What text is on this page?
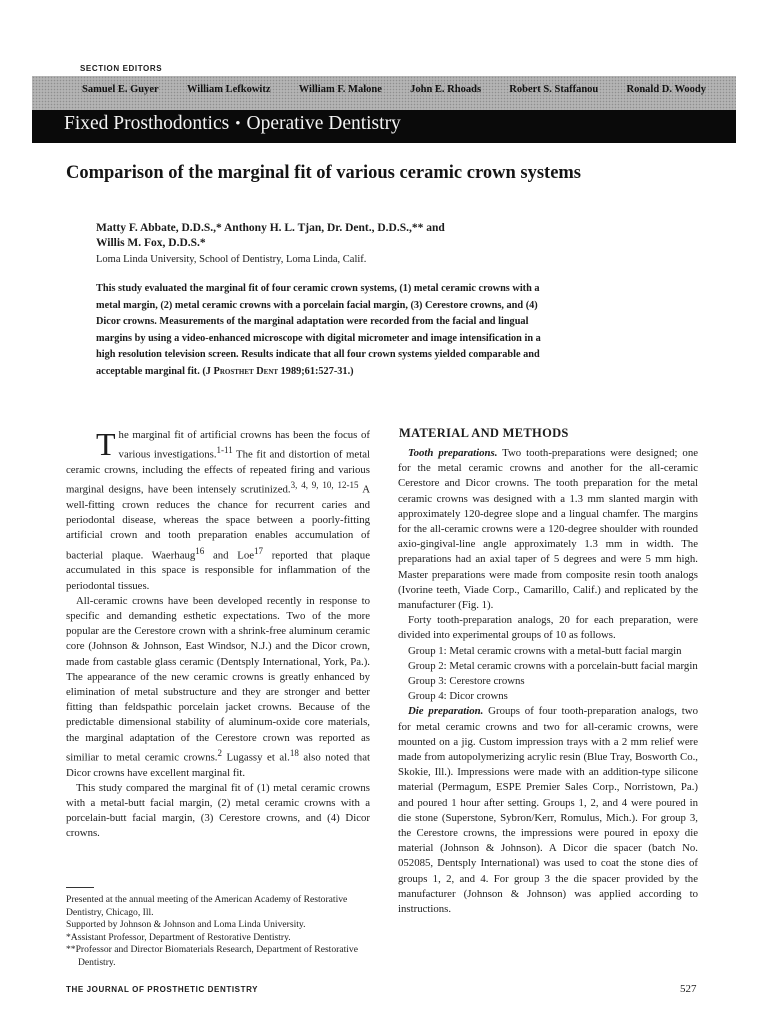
SECTION EDITORS
Samuel E. Guyer	William Lefkowitz	William F. Malone	John E. Rhoads	Robert S. Staffanou	Ronald D. Woody
Fixed Prosthodontics • Operative Dentistry
Comparison of the marginal fit of various ceramic crown systems
Matty F. Abbate, D.D.S.,* Anthony H. L. Tjan, Dr. Dent., D.D.S.,** and
Willis M. Fox, D.D.S.*
Loma Linda University, School of Dentistry, Loma Linda, Calif.
This study evaluated the marginal fit of four ceramic crown systems, (1) metal ceramic crowns with a metal margin, (2) metal ceramic crowns with a porcelain facial margin, (3) Cerestore crowns, and (4) Dicor crowns. Measurements of the marginal adaptation were recorded from the facial and lingual margins by using a video-enhanced microscope with digital micrometer and image intensification in a high resolution television screen. Results indicate that all four crown systems yielded comparable and acceptable marginal fit. (J Prosthet Dent 1989;61:527-31.)

The marginal fit of artificial crowns has been the focus of various investigations.$^{1-11}$ The fit and distortion of metal ceramic crowns, including the effects of repeated firing and various marginal designs, have been intensely scrutinized.$^{3, 4, 9, 10, 12-15}$ A well-fitting crown reduces the chance for recurrent caries and periodontal disease, whereas the space between a poorly-fitting artificial crown and tooth preparation enables accumulation of bacterial plaque. Waerhaug$^{16}$ and Loe$^{17}$ reported that plaque accumulated in this space is responsible for inflammation of the periodontal tissues.

All-ceramic crowns have been developed recently in response to specific and demanding esthetic expectations. Two of the more popular are the Cerestore crown with a shrink-free aluminum ceramic core (Johnson & Johnson, East Windsor, N.J.) and the Dicor crown, made from castable glass ceramic (Dentsply International, York, Pa.). The appearance of the new ceramic crowns is greatly enhanced by elimination of metal substructure and they are stronger and better fitting than feldspathic porcelain jacket crowns. Because of the predictable dimensional stability of aluminum-oxide core materials, the marginal adaptation of the Cerestore crown was reported as similiar to metal ceramic crowns.$^2$ Lugassy et al.$^{18}$ also noted that Dicor crowns have excellent marginal fit.

This study compared the marginal fit of (1) metal ceramic crowns with a metal-butt facial margin, (2) metal ceramic crowns with a porcelain-butt facial margin, (3) Cerestore crowns, and (4) Dicor crowns.

Presented at the annual meeting of the American Academy of Restorative Dentistry, Chicago, Ill.

Supported by Johnson & Johnson and Loma Linda University.

*Assistant Professor, Department of Restorative Dentistry.

**Professor and Director Biomaterials Research, Department of Restorative Dentistry.

MATERIAL AND METHODS

Tooth preparations. Two tooth-preparations were designed; one for the metal ceramic crowns and another for the all-ceramic Cerestore and Dicor crowns. The tooth preparation for the metal ceramic crowns was designed with a 1.3 mm slanted margin with approximately 120-degree slope and a lingual chamfer. The margins for the all-ceramic crowns were a 120-degree shoulder with rounded axio-gingival-line angle approximately 1.3 mm in width. The preparations had an axial taper of 5 degrees and were 5 mm high. Master preparations were made from composite resin tooth analogs (Ivorine teeth, Viade Corp., Camarillo, Calif.) and replicated by the manufacturer (Fig. 1).

Forty tooth-preparation analogs, 20 for each preparation, were divided into experimental groups of 10 as follows.

Group 1: Metal ceramic crowns with a metal-butt facial margin

Group 2: Metal ceramic crowns with a porcelain-butt facial margin

Group 3: Cerestore crowns

Group 4: Dicor crowns

Die preparation. Groups of four tooth-preparation analogs, two for metal ceramic crowns and two for all-ceramic crowns, were mounted on a jig. Custom impression trays with a 2 mm relief were made from autopolymerizing acrylic resin (Blue Tray, Bosworth Co., Skokie, Ill.). Impressions were made with an addition-type silicone material (Permagum, ESPE Premier Sales Corp., Norristown, Pa.) and poured 1 hour after setting. Groups 1, 2, and 4 were poured in die stone (Superstone, Sybron/Kerr, Romulus, Mich.). For group 3, the Cerestore crowns, the impressions were poured in epoxy die material (Johnson & Johnson). A Dicor die spacer (batch No. 052085, Dentsply International) was used to coat the stone dies of groups 1, 2, and 4. For group 3 the die spacer provided by the manufacturer (Johnson & Johnson) was applied according to instructions.

THE JOURNAL OF PROSTHETIC DENTISTRY	527
